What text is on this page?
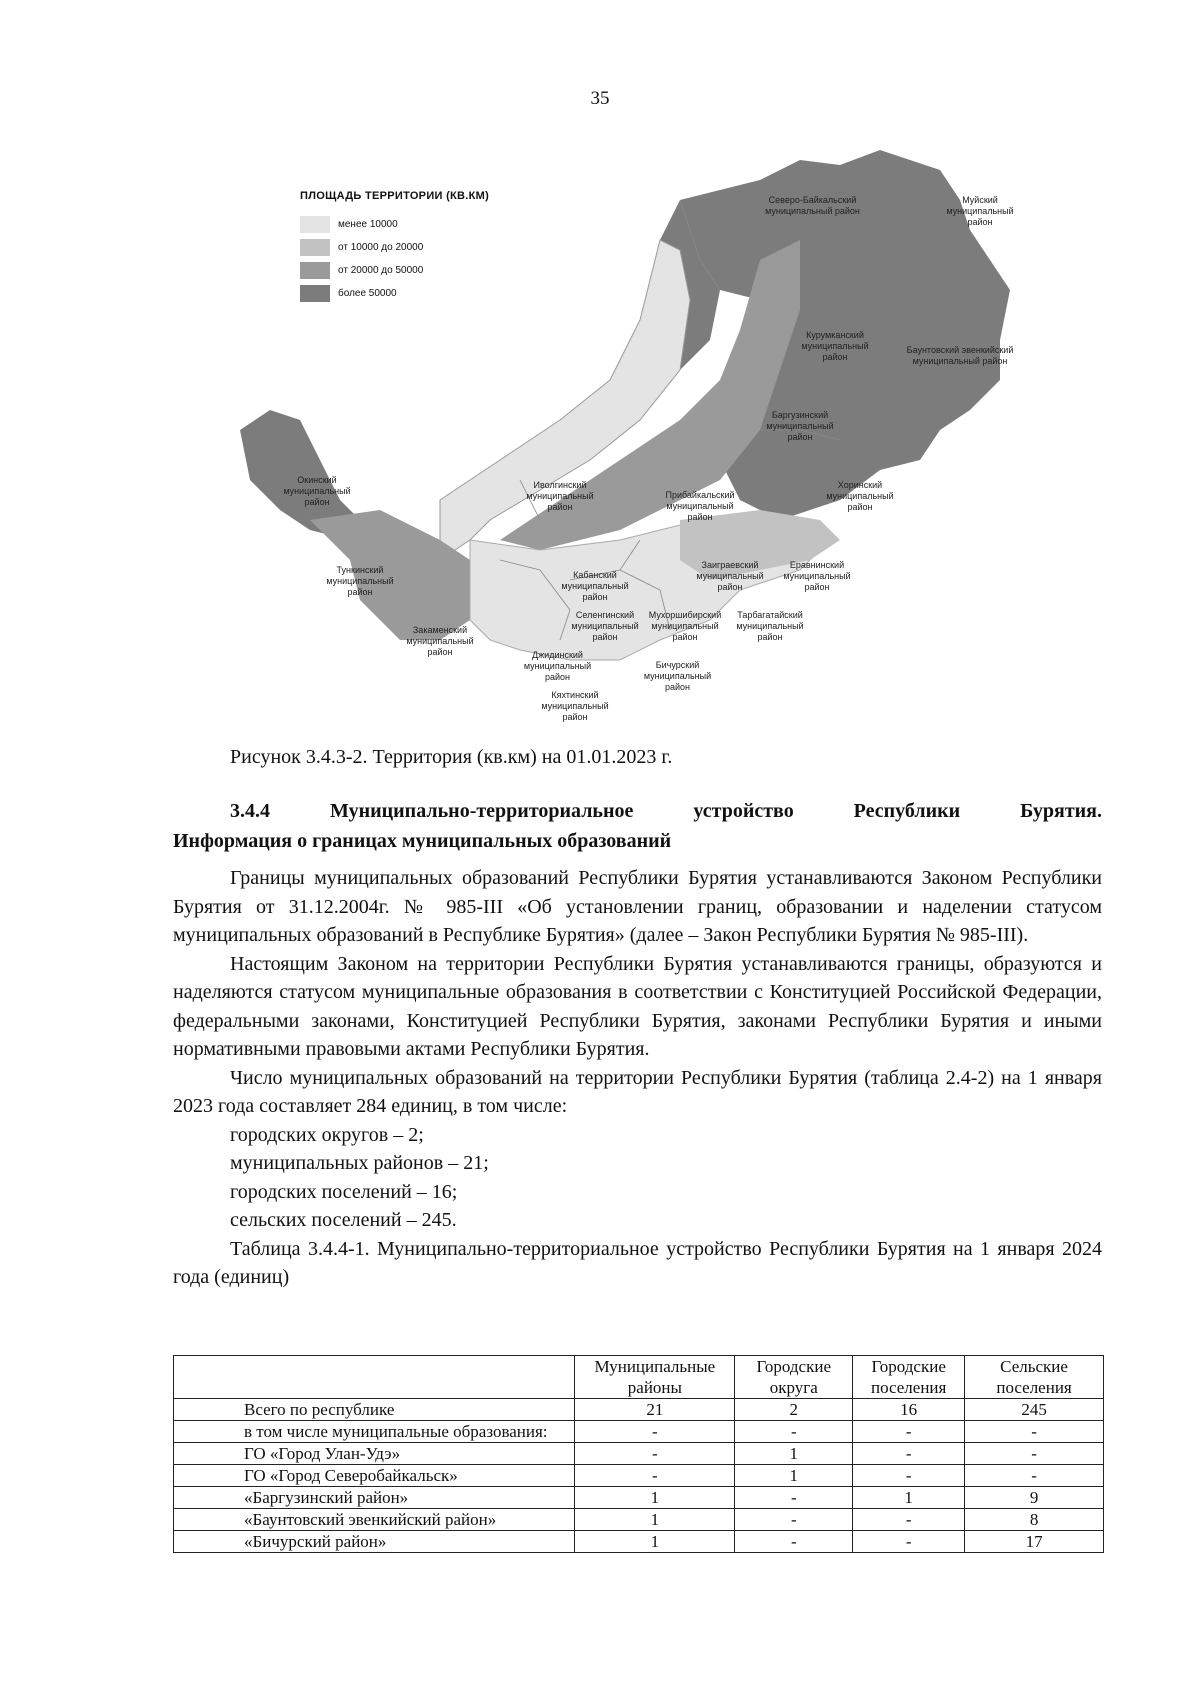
35
ПЛОЩАДЬ ТЕРРИТОРИИ (КВ.КМ)
менее 10000
от 10000 до 20000
от 20000 до 50000
более 50000
Северо-Байкальский муниципальный район
Муйский муниципальный район
Баунтовский эвенкийский муниципальный район
Курумканский муниципальный район
Баргузинский муниципальный район
Окинский муниципальный район
Иволгинский муниципальный район
Прибайкальский муниципальный район
Хоринский муниципальный район
Тункинский муниципальный район
Кабанский муниципальный район
Заиграевский муниципальный район
Еравнинский муниципальный район
Селенгинский муниципальный район
Мухоршибирский муниципальный район
Тарбагатайский муниципальный район
Закаменский муниципальный район	Джидинский муниципальный район
Бичурский муниципальный район
Кяхтинский муниципальный район
Рисунок 3.4.3-2. Территория (кв.км) на 01.01.2023 г.
3.4.4 Муниципально-территориальное устройство Республики Бурятия.
Информация о границах муниципальных образований

Границы муниципальных образований Республики Бурятия устанавливаются Законом Республики Бурятия от 31.12.2004г. № 985-III «Об установлении границ, образовании и наделении статусом муниципальных образований в Республике Бурятия» (далее – Закон Республики Бурятия № 985-III).

Настоящим Законом на территории Республики Бурятия устанавливаются границы, образуются и наделяются статусом муниципальные образования в соответствии с Конституцией Российской Федерации, федеральными законами, Конституцией Республики Бурятия, законами Республики Бурятия и иными нормативными правовыми актами Республики Бурятия.

Число муниципальных образований на территории Республики Бурятия (таблица 2.4-2) на 1 января 2023 года составляет 284 единиц, в том числе:

городских округов – 2;

муниципальных районов – 21;

городских поселений – 16;

сельских поселений – 245.

Таблица 3.4.4-1. Муниципально-территориальное устройство Республики Бурятия на 1 января 2024 года (единиц)

	Муниципальные районы	Городские округа	Городские поселения	Сельские поселения
Всего по республике	21	2	16	245
в том числе муниципальные образования:	-	-	-	-
ГО «Город Улан-Удэ»	-	1	-	-
ГО «Город Северобайкальск»	-	1	-	-
«Баргузинский район»	1	-	1	9
«Баунтовский эвенкийский район»	1	-	-	8
«Бичурский район»	1	-	-	17
